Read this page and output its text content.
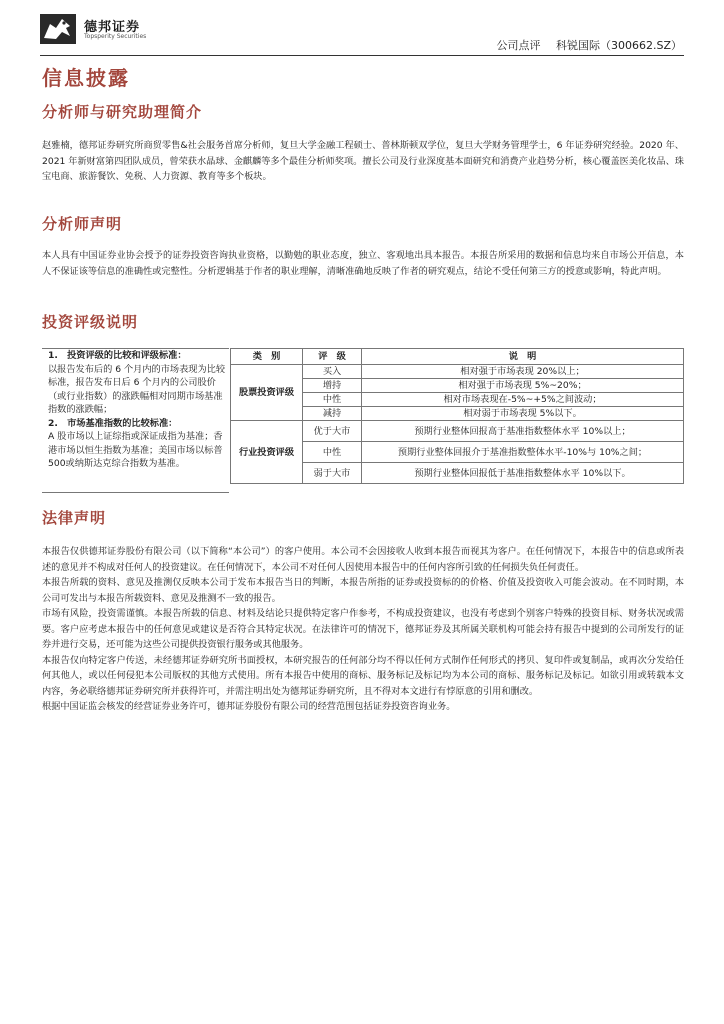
德邦证券
Topsperity Securities
公司点评 科锐国际（300662.SZ）
信息披露
分析师与研究助理简介

赵雅楠，德邦证券研究所商贸零售&社会服务首席分析师，复旦大学金融工程硕士、普林斯顿双学位，复旦大学财务管理学士，6 年证券研究经验。2020 年、2021 年新财富第四团队成员，曾荣获水晶球、金麒麟等多个最佳分析师奖项。擅长公司及行业深度基本面研究和消费产业趋势分析，核心覆盖医美化妆品、珠宝电商、旅游餐饮、免税、人力资源、教育等多个板块。

分析师声明

本人具有中国证券业协会授予的证券投资咨询执业资格，以勤勉的职业态度，独立、客观地出具本报告。本报告所采用的数据和信息均来自市场公开信息，本人不保证该等信息的准确性或完整性。分析逻辑基于作者的职业理解，清晰准确地反映了作者的研究观点，结论不受任何第三方的授意或影响，特此声明。

投资评级说明
1.　投资评级的比较和评级标准：
以报告发布后的 6 个月内的市场表现为比较标准，报告发布日后 6 个月内的公司股价（或行业指数）的涨跌幅相对同期市场基准指数的涨跌幅；
2.　市场基准指数的比较标准：
A 股市场以上证综指或深证成指为基准；香港市场以恒生指数为基准；美国市场以标普500或纳斯达克综合指数为基准。
类　别	评　级	说　明
股票投资评级	买入	相对强于市场表现 20%以上；
	增持	相对强于市场表现 5%~20%；
	中性	相对市场表现在-5%~+5%之间波动；
	减持	相对弱于市场表现 5%以下。
行业投资评级	优于大市	预期行业整体回报高于基准指数整体水平 10%以上；
	中性	预期行业整体回报介于基准指数整体水平-10%与 10%之间；
	弱于大市	预期行业整体回报低于基准指数整体水平 10%以下。
法律声明

本报告仅供德邦证券股份有限公司（以下简称“本公司”）的客户使用。本公司不会因接收人收到本报告而视其为客户。在任何情况下，本报告中的信息或所表述的意见并不构成对任何人的投资建议。在任何情况下，本公司不对任何人因使用本报告中的任何内容所引致的任何损失负任何责任。

本报告所载的资料、意见及推测仅反映本公司于发布本报告当日的判断，本报告所指的证券或投资标的的价格、价值及投资收入可能会波动。在不同时期，本公司可发出与本报告所载资料、意见及推测不一致的报告。

市场有风险，投资需谨慎。本报告所载的信息、材料及结论只提供特定客户作参考，不构成投资建议，也没有考虑到个别客户特殊的投资目标、财务状况或需要。客户应考虑本报告中的任何意见或建议是否符合其特定状况。在法律许可的情况下，德邦证券及其所属关联机构可能会持有报告中提到的公司所发行的证券并进行交易，还可能为这些公司提供投资银行服务或其他服务。

本报告仅向特定客户传送，未经德邦证券研究所书面授权，本研究报告的任何部分均不得以任何方式制作任何形式的拷贝、复印件或复制品，或再次分发给任何其他人，或以任何侵犯本公司版权的其他方式使用。所有本报告中使用的商标、服务标记及标记均为本公司的商标、服务标记及标记。如欲引用或转载本文内容，务必联络德邦证券研究所并获得许可，并需注明出处为德邦证券研究所，且不得对本文进行有悖原意的引用和删改。

根据中国证监会核发的经营证券业务许可，德邦证券股份有限公司的经营范围包括证券投资咨询业务。
